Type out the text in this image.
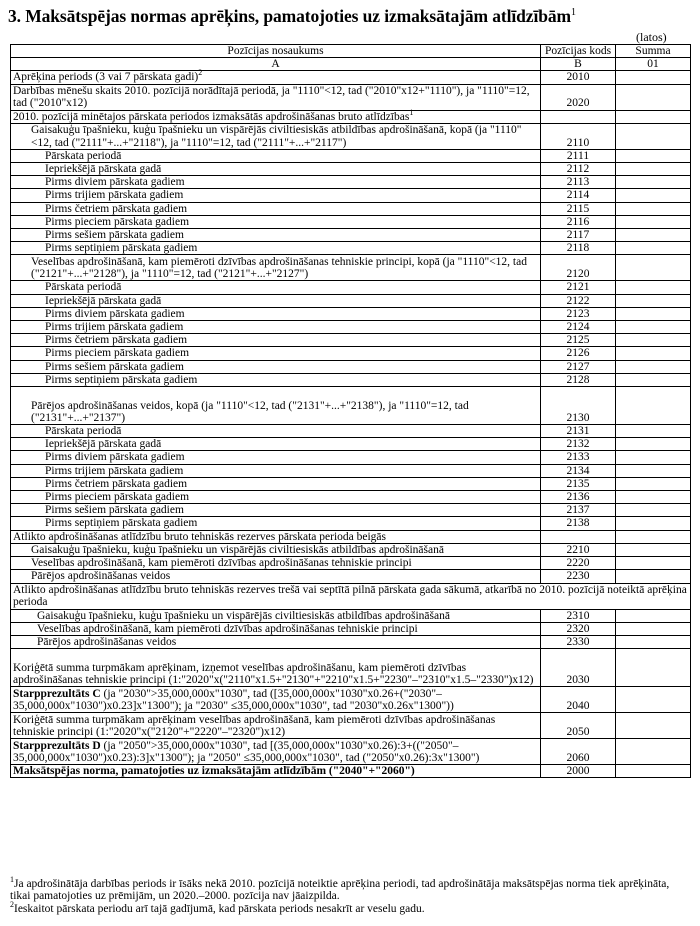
3. Maksātspējas normas aprēķins, pamatojoties uz izmaksātajām atlīdzībām$^1$
(latos)
Pozīcijas nosaukums	Pozīcijas kods	Summa
A	B	01
Aprēķina periods (3 vai 7 pārskata gadi)$^2$	2010	
Darbības mēnešu skaits 2010. pozīcijā norādītajā periodā, ja "1110"<12, tad ("2010"x12+"1110"), ja "1110"=12, tad ("2010"x12)	2020	
2010. pozīcijā minētajos pārskata periodos izmaksātās apdrošināšanas bruto atlīdzības$^1$		
Gaisakuģu īpašnieku, kuģu īpašnieku un vispārējās civiltiesiskās atbildības apdrošināšanā, kopā (ja "1110"<12, tad ("2111"+...+"2118"), ja "1110"=12, tad ("2111"+...+"2117")	2110	
Pārskata periodā	2111	
Iepriekšējā pārskata gadā	2112	
Pirms diviem pārskata gadiem	2113	
Pirms trijiem pārskata gadiem	2114	
Pirms četriem pārskata gadiem	2115	
Pirms pieciem pārskata gadiem	2116	
Pirms sešiem pārskata gadiem	2117	
Pirms septiņiem pārskata gadiem	2118	
Veselības apdrošināšanā, kam piemēroti dzīvības apdrošināšanas tehniskie principi, kopā (ja "1110"<12, tad ("2121"+...+"2128"), ja "1110"=12, tad ("2121"+...+"2127")	2120	
Pārskata periodā	2121	
Iepriekšējā pārskata gadā	2122	
Pirms diviem pārskata gadiem	2123	
Pirms trijiem pārskata gadiem	2124	
Pirms četriem pārskata gadiem	2125	
Pirms pieciem pārskata gadiem	2126	
Pirms sešiem pārskata gadiem	2127	
Pirms septiņiem pārskata gadiem	2128	
Pārējos apdrošināšanas veidos, kopā (ja "1110"<12, tad ("2131"+...+"2138"), ja "1110"=12, tad ("2131"+...+"2137")	2130	
Pārskata periodā	2131	
Iepriekšējā pārskata gadā	2132	
Pirms diviem pārskata gadiem	2133	
Pirms trijiem pārskata gadiem	2134	
Pirms četriem pārskata gadiem	2135	
Pirms pieciem pārskata gadiem	2136	
Pirms sešiem pārskata gadiem	2137	
Pirms septiņiem pārskata gadiem	2138	
Atlikto apdrošināšanas atlīdzību bruto tehniskās rezerves pārskata perioda beigās		
Gaisakuģu īpašnieku, kuģu īpašnieku un vispārējās civiltiesiskās atbildības apdrošināšanā	2210	
Veselības apdrošināšanā, kam piemēroti dzīvības apdrošināšanas tehniskie principi	2220	
Pārējos apdrošināšanas veidos	2230	
Atlikto apdrošināšanas atlīdzību bruto tehniskās rezerves trešā vai septītā pilnā pārskata gada sākumā, atkarībā no 2010. pozīcijā noteiktā aprēķina perioda		
Gaisakuģu īpašnieku, kuģu īpašnieku un vispārējās civiltiesiskās atbildības apdrošināšanā	2310	
Veselības apdrošināšanā, kam piemēroti dzīvības apdrošināšanas tehniskie principi	2320	
Pārējos apdrošināšanas veidos	2330	
Koriģētā summa turpmākam aprēķinam, izņemot veselības apdrošināšanu, kam piemēroti dzīvības apdrošināšanas tehniskie principi (1:"2020"x("2110"x1.5+"2130"+"2210"x1.5+"2230"–"2310"x1.5–"2330")x12)	2030	
Starpprezultāts C (ja "2030">35,000,000x"1030", tad ([35,000,000x"1030"x0.26+("2030"–35,000,000x"1030")x0.23]x"1300"); ja "2030" ≤35,000,000x"1030", tad "2030"x0.26x"1300"))	2040	
Koriģētā summa turpmākam aprēķinam veselības apdrošināšanā, kam piemēroti dzīvības apdrošināšanas tehniskie principi (1:"2020"x("2120"+"2220"–"2320")x12)	2050	
Starpprezultāts D (ja "2050">35,000,000x"1030", tad [(35,000,000x"1030"x0.26):3+(("2050"–35,000,000x"1030")x0.23):3]x"1300"); ja "2050" ≤35,000,000x"1030", tad ("2050"x0.26):3x"1300")	2060	
Maksātspējas norma, pamatojoties uz izmaksātajām atlīdzībām ("2040"+"2060")	2000	

$^1$Ja apdrošinātāja darbības periods ir īsāks nekā 2010. pozīcijā noteiktie aprēķina periodi, tad apdrošinātāja maksātspējas norma tiek aprēķināta, tikai pamatojoties uz prēmijām, un 2020.–2000. pozīcija nav jāaizpilda.

$^2$Ieskaitot pārskata periodu arī tajā gadījumā, kad pārskata periods nesakrīt ar veselu gadu.
